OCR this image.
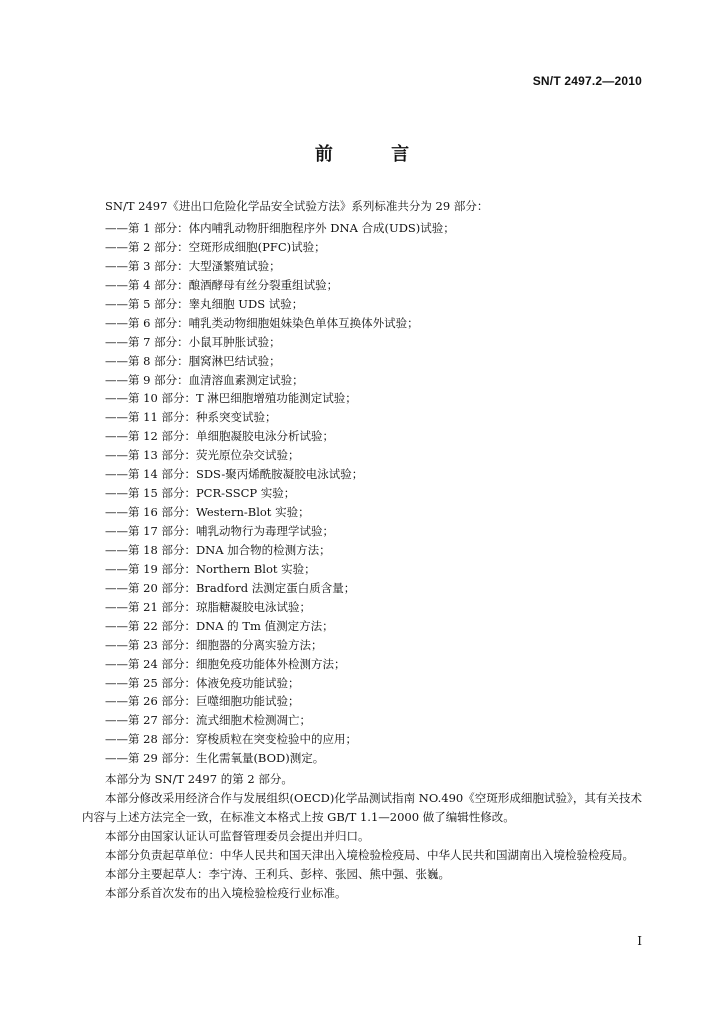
SN/T 2497.2—2010
前 言
SN/T 2497《进出口危险化学品安全试验方法》系列标准共分为 29 部分：
——第 1 部分：体内哺乳动物肝细胞程序外 DNA 合成(UDS)试验；
——第 2 部分：空斑形成细胞(PFC)试验；
——第 3 部分：大型溞繁殖试验；
——第 4 部分：酿酒酵母有丝分裂重组试验；
——第 5 部分：睾丸细胞 UDS 试验；
——第 6 部分：哺乳类动物细胞姐妹染色单体互换体外试验；
——第 7 部分：小鼠耳肿胀试验；
——第 8 部分：腘窝淋巴结试验；
——第 9 部分：血清溶血素测定试验；
——第 10 部分：T 淋巴细胞增殖功能测定试验；
——第 11 部分：种系突变试验；
——第 12 部分：单细胞凝胶电泳分析试验；
——第 13 部分：荧光原位杂交试验；
——第 14 部分：SDS-聚丙烯酰胺凝胶电泳试验；
——第 15 部分：PCR-SSCP 实验；
——第 16 部分：Western-Blot 实验；
——第 17 部分：哺乳动物行为毒理学试验；
——第 18 部分：DNA 加合物的检测方法；
——第 19 部分：Northern Blot 实验；
——第 20 部分：Bradford 法测定蛋白质含量；
——第 21 部分：琼脂糖凝胶电泳试验；
——第 22 部分：DNA 的 Tm 值测定方法；
——第 23 部分：细胞器的分离实验方法；
——第 24 部分：细胞免疫功能体外检测方法；
——第 25 部分：体液免疫功能试验；
——第 26 部分：巨噬细胞功能试验；
——第 27 部分：流式细胞术检测凋亡；
——第 28 部分：穿梭质粒在突变检验中的应用；
——第 29 部分：生化需氧量(BOD)测定。

本部分为 SN/T 2497 的第 2 部分。

本部分修改采用经济合作与发展组织(OECD)化学品测试指南 NO.490《空斑形成细胞试验》，其有关技术内容与上述方法完全一致，在标准文本格式上按 GB/T 1.1—2000 做了编辑性修改。

本部分由国家认证认可监督管理委员会提出并归口。

本部分负责起草单位：中华人民共和国天津出入境检验检疫局、中华人民共和国湖南出入境检验检疫局。

本部分主要起草人：李宁涛、王利兵、彭梓、张园、熊中强、张巍。

本部分系首次发布的出入境检验检疫行业标准。

I
